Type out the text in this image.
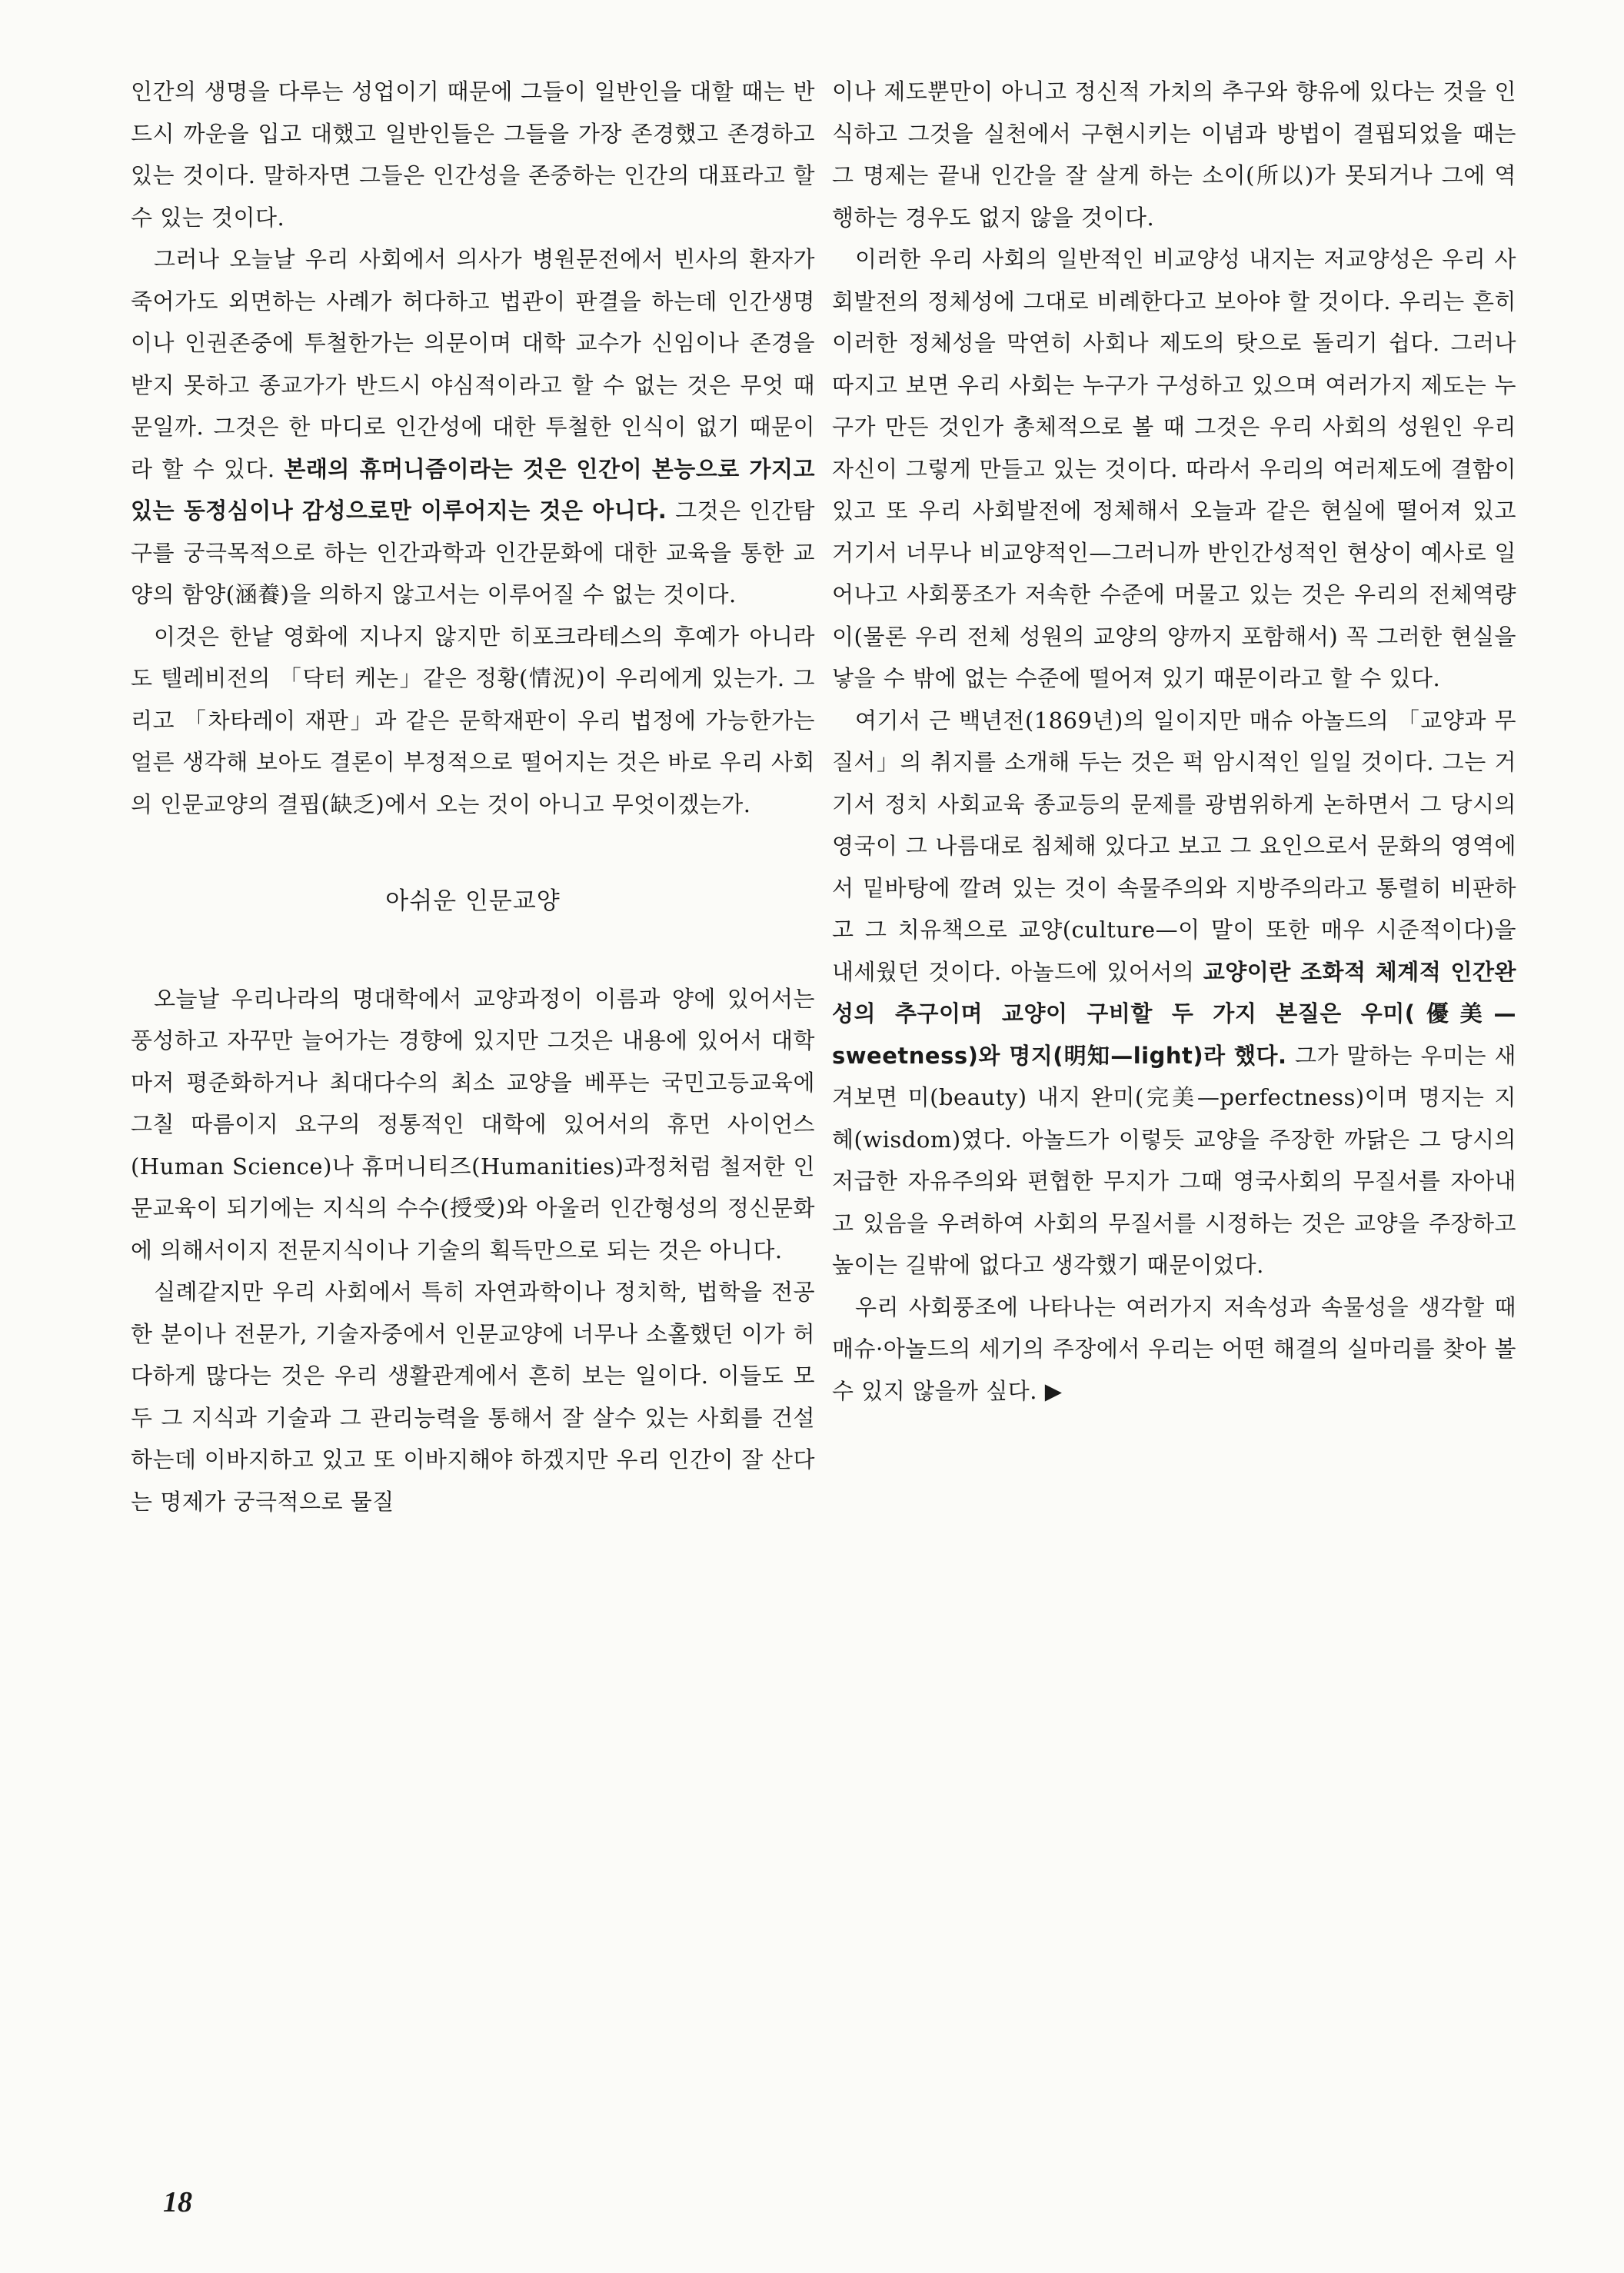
인간의 생명을 다루는 성업이기 때문에 그들이 일반인을 대할 때는 반드시 까운을 입고 대했고 일반인들은 그들을 가장 존경했고 존경하고 있는 것이다. 말하자면 그들은 인간성을 존중하는 인간의 대표라고 할 수 있는 것이다.

그러나 오늘날 우리 사회에서 의사가 병원문전에서 빈사의 환자가 죽어가도 외면하는 사례가 허다하고 법관이 판결을 하는데 인간생명이나 인권존중에 투철한가는 의문이며 대학 교수가 신임이나 존경을 받지 못하고 종교가가 반드시 야심적이라고 할 수 없는 것은 무엇 때문일까. 그것은 한 마디로 인간성에 대한 투철한 인식이 없기 때문이라 할 수 있다. 본래의 휴머니즘이라는 것은 인간이 본능으로 가지고 있는 동정심이나 감성으로만 이루어지는 것은 아니다. 그것은 인간탐구를 궁극목적으로 하는 인간과학과 인간문화에 대한 교육을 통한 교양의 함양(涵養)을 의하지 않고서는 이루어질 수 없는 것이다.

이것은 한낱 영화에 지나지 않지만 히포크라테스의 후예가 아니라도 텔레비전의 「닥터 케논」같은 정황(情況)이 우리에게 있는가. 그리고 「차타레이 재판」과 같은 문학재판이 우리 법정에 가능한가는 얼른 생각해 보아도 결론이 부정적으로 떨어지는 것은 바로 우리 사회의 인문교양의 결핍(缺乏)에서 오는 것이 아니고 무엇이겠는가.

아쉬운 인문교양

오늘날 우리나라의 명대학에서 교양과정이 이름과 양에 있어서는 풍성하고 자꾸만 늘어가는 경향에 있지만 그것은 내용에 있어서 대학마저 평준화하거나 최대다수의 최소 교양을 베푸는 국민고등교육에 그칠 따름이지 요구의 정통적인 대학에 있어서의 휴먼 사이언스(Human Science)나 휴머니티즈(Humanities)과정처럼 철저한 인문교육이 되기에는 지식의 수수(授受)와 아울러 인간형성의 정신문화에 의해서이지 전문지식이나 기술의 획득만으로 되는 것은 아니다.

실례같지만 우리 사회에서 특히 자연과학이나 정치학, 법학을 전공한 분이나 전문가, 기술자중에서 인문교양에 너무나 소홀했던 이가 허다하게 많다는 것은 우리 생활관계에서 흔히 보는 일이다. 이들도 모두 그 지식과 기술과 그 관리능력을 통해서 잘 살수 있는 사회를 건설하는데 이바지하고 있고 또 이바지해야 하겠지만 우리 인간이 잘 산다는 명제가 궁극적으로 물질

이나 제도뿐만이 아니고 정신적 가치의 추구와 향유에 있다는 것을 인식하고 그것을 실천에서 구현시키는 이념과 방법이 결핍되었을 때는 그 명제는 끝내 인간을 잘 살게 하는 소이(所以)가 못되거나 그에 역행하는 경우도 없지 않을 것이다.

이러한 우리 사회의 일반적인 비교양성 내지는 저교양성은 우리 사회발전의 정체성에 그대로 비례한다고 보아야 할 것이다. 우리는 흔히 이러한 정체성을 막연히 사회나 제도의 탓으로 돌리기 쉽다. 그러나 따지고 보면 우리 사회는 누구가 구성하고 있으며 여러가지 제도는 누구가 만든 것인가 총체적으로 볼 때 그것은 우리 사회의 성원인 우리 자신이 그렇게 만들고 있는 것이다. 따라서 우리의 여러제도에 결함이 있고 또 우리 사회발전에 정체해서 오늘과 같은 현실에 떨어져 있고 거기서 너무나 비교양적인—그러니까 반인간성적인 현상이 예사로 일어나고 사회풍조가 저속한 수준에 머물고 있는 것은 우리의 전체역량이(물론 우리 전체 성원의 교양의 양까지 포함해서) 꼭 그러한 현실을 낳을 수 밖에 없는 수준에 떨어져 있기 때문이라고 할 수 있다.

여기서 근 백년전(1869년)의 일이지만 매슈 아놀드의 「교양과 무질서」의 취지를 소개해 두는 것은 퍽 암시적인 일일 것이다. 그는 거기서 정치 사회교육 종교등의 문제를 광범위하게 논하면서 그 당시의 영국이 그 나름대로 침체해 있다고 보고 그 요인으로서 문화의 영역에서 밑바탕에 깔려 있는 것이 속물주의와 지방주의라고 통렬히 비판하고 그 치유책으로 교양(culture—이 말이 또한 매우 시준적이다)을 내세웠던 것이다. 아놀드에 있어서의 교양이란 조화적 체계적 인간완성의 추구이며 교양이 구비할 두 가지 본질은 우미(優美—sweetness)와 명지(明知—light)라 했다. 그가 말하는 우미는 새겨보면 미(beauty) 내지 완미(完美—perfectness)이며 명지는 지혜(wisdom)였다. 아놀드가 이렇듯 교양을 주장한 까닭은 그 당시의 저급한 자유주의와 편협한 무지가 그때 영국사회의 무질서를 자아내고 있음을 우려하여 사회의 무질서를 시정하는 것은 교양을 주장하고 높이는 길밖에 없다고 생각했기 때문이었다.

우리 사회풍조에 나타나는 여러가지 저속성과 속물성을 생각할 때 매슈·아놀드의 세기의 주장에서 우리는 어떤 해결의 실마리를 찾아 볼 수 있지 않을까 싶다. ▶

18
